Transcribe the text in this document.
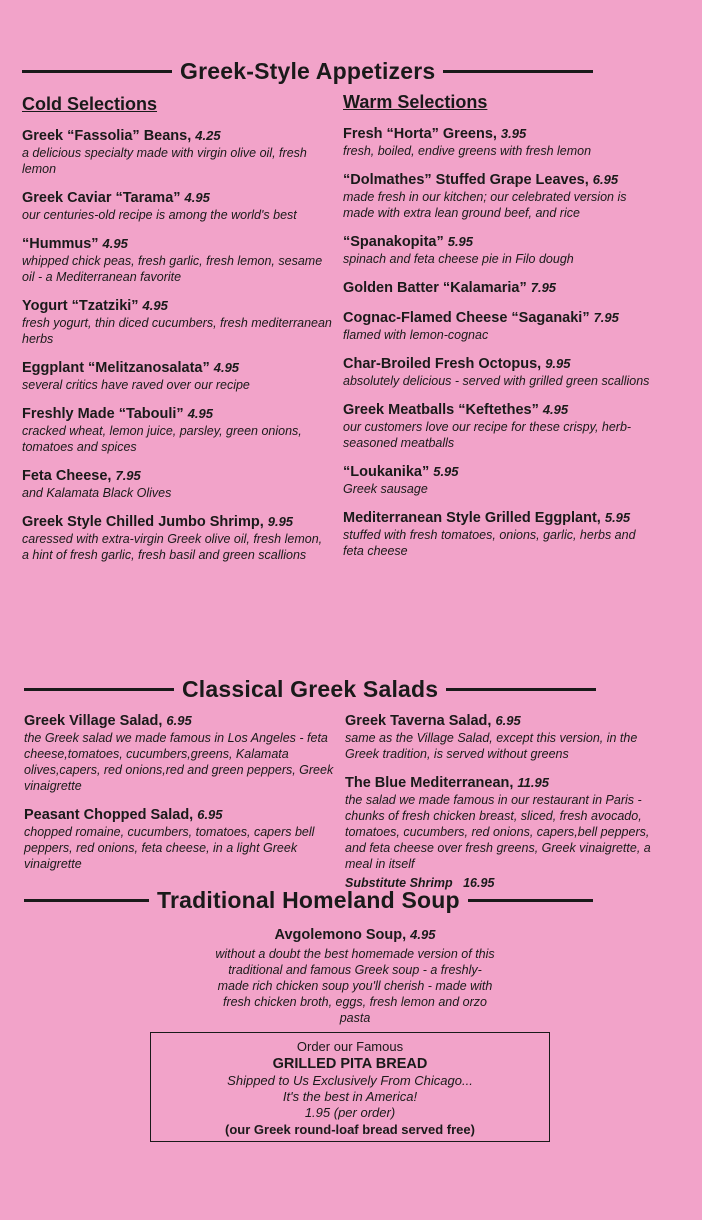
Greek-Style Appetizers
Cold Selections
Greek “Fassolia” Beans, 4.25
a delicious specialty made with virgin olive oil, fresh lemon
Greek Caviar “Tarama” 4.95
our centuries-old recipe is among the world's best
“Hummus” 4.95
whipped chick peas, fresh garlic, fresh lemon, sesame oil - a Mediterranean favorite
Yogurt “Tzatziki” 4.95
fresh yogurt, thin diced cucumbers, fresh mediterranean herbs
Eggplant “Melitzanosalata” 4.95
several critics have raved over our recipe
Freshly Made “Tabouli” 4.95
cracked wheat, lemon juice, parsley, green onions, tomatoes and spices
Feta Cheese, 7.95
and Kalamata Black Olives
Greek Style Chilled Jumbo Shrimp, 9.95
caressed with extra-virgin Greek olive oil, fresh lemon, a hint of fresh garlic, fresh basil and green scallions
Warm Selections
Fresh “Horta” Greens, 3.95
fresh, boiled, endive greens with fresh lemon
“Dolmathes” Stuffed Grape Leaves, 6.95
made fresh in our kitchen; our celebrated version is made with extra lean ground beef, and rice
“Spanakopita” 5.95
spinach and feta cheese pie in Filo dough
Golden Batter “Kalamaria” 7.95
Cognac-Flamed Cheese “Saganaki” 7.95
flamed with lemon-cognac
Char-Broiled Fresh Octopus, 9.95
absolutely delicious - served with grilled green scallions
Greek Meatballs “Keftethes” 4.95
our customers love our recipe for these crispy, herb-seasoned meatballs
“Loukanika” 5.95
Greek sausage
Mediterranean Style Grilled Eggplant, 5.95
stuffed with fresh tomatoes, onions, garlic, herbs and feta cheese
Classical Greek Salads
Greek Village Salad, 6.95
the Greek salad we made famous in Los Angeles - feta cheese,tomatoes, cucumbers,greens, Kalamata olives,capers, red onions,red and green peppers, Greek vinaigrette
Peasant Chopped Salad, 6.95
chopped romaine, cucumbers, tomatoes, capers bell peppers, red onions, feta cheese, in a light Greek vinaigrette
Greek Taverna Salad, 6.95
same as the Village Salad, except this version, in the Greek tradition, is served without greens
The Blue Mediterranean, 11.95
the salad we made famous in our restaurant in Paris - chunks of fresh chicken breast, sliced, fresh avocado, tomatoes, cucumbers, red onions, capers,bell peppers, and feta cheese over fresh greens, Greek vinaigrette, a meal in itself
Substitute Shrimp 16.95
Traditional Homeland Soup
Avgolemono Soup, 4.95
without a doubt the best homemade version of this traditional and famous Greek soup - a freshly-made rich chicken soup you'll cherish - made with fresh chicken broth, eggs, fresh lemon and orzo pasta
Order our Famous
GRILLED PITA BREAD
Shipped to Us Exclusively From Chicago...
It's the best in America!
1.95 (per order)
(our Greek round-loaf bread served free)
